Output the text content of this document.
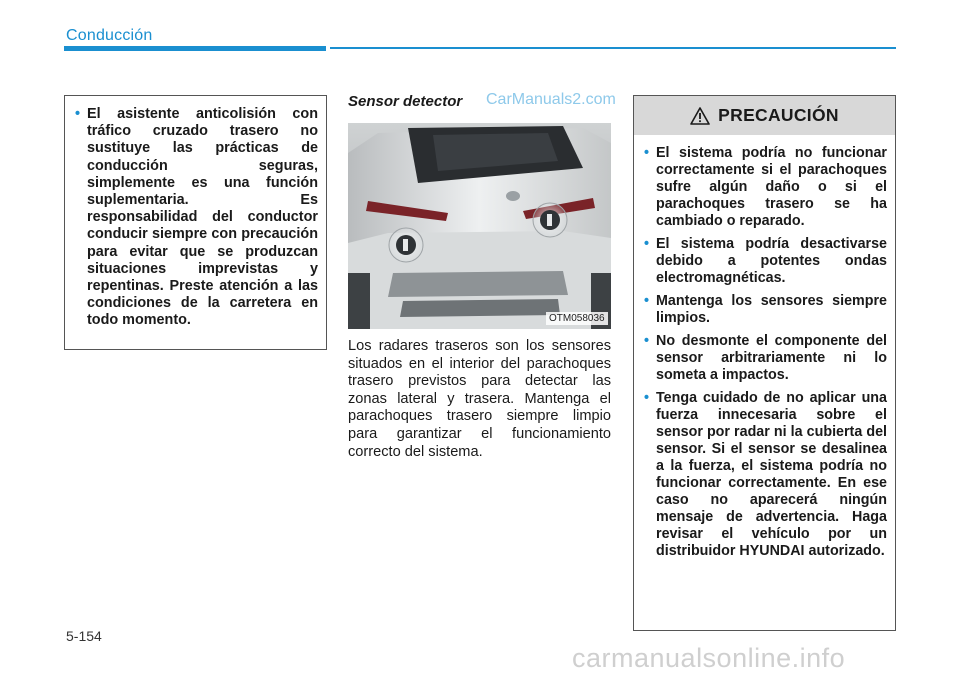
Conducción
• El asistente anticolisión con tráfico cruzado trasero no sustituye las prácticas de conducción seguras, simplemente es una función suplementaria. Es responsabilidad del conductor conducir siempre con precaución para evitar que se produzcan situaciones imprevistas y repentinas. Preste atención a las condiciones de la carretera en todo momento.
Sensor detector CarManuals2.com
OTM058036
Los radares traseros son los sensores situados en el interior del parachoques trasero previstos para detectar las zonas lateral y trasera. Mantenga el parachoques trasero siempre limpio para garantizar el funcionamiento correcto del sistema.
PRECAUCIÓN
• El sistema podría no funcionar correctamente si el parachoques sufre algún daño o si el parachoques trasero se ha cambiado o reparado.
• El sistema podría desactivarse debido a potentes ondas electromagnéticas.
• Mantenga los sensores siempre limpios.
• No desmonte el componente del sensor arbitrariamente ni lo someta a impactos.
• Tenga cuidado de no aplicar una fuerza innecesaria sobre el sensor por radar ni la cubierta del sensor. Si el sensor se desalinea a la fuerza, el sistema podría no funcionar correctamente. En ese caso no aparecerá ningún mensaje de advertencia. Haga revisar el vehículo por un distribuidor HYUNDAI autorizado.
5-154
carmanualsonline.info
